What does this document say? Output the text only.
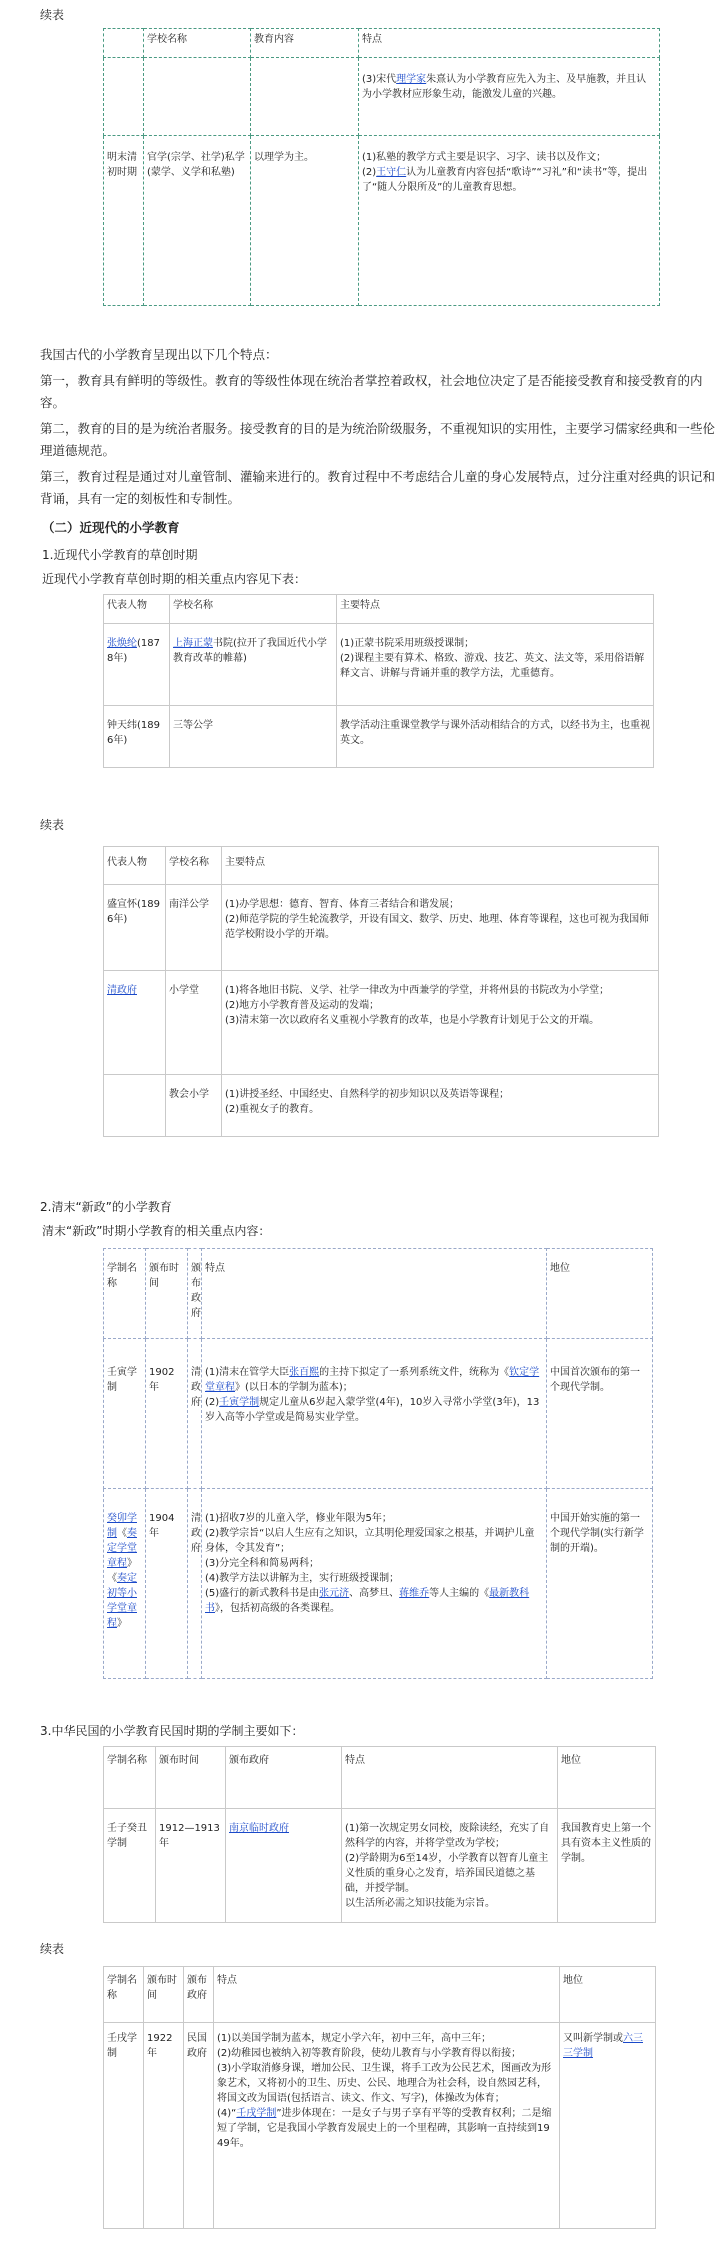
续表
	学校名称	教育内容	特点
			(3)宋代理学家朱熹认为小学教育应先入为主、及早施教，并且认为小学教材应形象生动，能激发儿童的兴趣。
明末清初时期	官学(宗学、社学)私学(蒙学、义学和私塾)	以理学为主。	(1)私塾的教学方式主要是识字、习字、读书以及作文；
(2)王守仁认为儿童教育内容包括“歌诗”“习礼”和“读书”等，提出了“随人分限所及”的儿童教育思想。

我国古代的小学教育呈现出以下几个特点：

第一，教育具有鲜明的等级性。教育的等级性体现在统治者掌控着政权，社会地位决定了是否能接受教育和接受教育的内容。

第二，教育的目的是为统治者服务。接受教育的目的是为统治阶级服务，不重视知识的实用性，主要学习儒家经典和一些伦理道德规范。

第三，教育过程是通过对儿童管制、灌输来进行的。教育过程中不考虑结合儿童的身心发展特点，过分注重对经典的识记和背诵，具有一定的刻板性和专制性。

（二）近现代的小学教育
1.近现代小学教育的草创时期
近现代小学教育草创时期的相关重点内容见下表：
代表人物	学校名称	主要特点
张焕纶(1878年)	上海正蒙书院(拉开了我国近代小学教育改革的帷幕)	(1)正蒙书院采用班级授课制；
(2)课程主要有算术、格致、游戏、技艺、英文、法文等，采用俗语解释文言、讲解与背诵并重的教学方法，尤重德育。

钟天纬(1896年)	三等公学	教学活动注重课堂教学与课外活动相结合的方式，以经书为主，也重视英文。
续表
代表人物	学校名称	主要特点
盛宣怀(1896年)	南洋公学	(1)办学思想：德育、智育、体育三者结合和谐发展；
(2)师范学院的学生轮流教学，开设有国文、数学、历史、地理、体育等课程，这也可视为我国师范学校附设小学的开端。

清政府	小学堂	(1)将各地旧书院、义学、社学一律改为中西兼学的学堂，并将州县的书院改为小学堂；
(2)地方小学教育普及运动的发端；
(3)清末第一次以政府名义重视小学教育的改革，也是小学教育计划见于公文的开端。

	教会小学	(1)讲授圣经、中国经史、自然科学的初步知识以及英语等课程；
(2)重视女子的教育。
2.清末“新政”的小学教育
清末“新政”时期小学教育的相关重点内容：
学制名称	颁布时间	颁布政府	特点	地位
壬寅学制	1902年	清政府	(1)清末在管学大臣张百熙的主持下拟定了一系列系统文件，统称为《钦定学堂章程》(以日本的学制为蓝本)；
(2)壬寅学制规定儿童从6岁起入蒙学堂(4年)，10岁入寻常小学堂(3年)，13岁入高等小学堂或是简易实业学堂。	中国首次颁布的第一个现代学制。
癸卯学制《奏定学堂章程》《奏定初等小学堂章程》	1904年	清政府	(1)招收7岁的儿童入学，修业年限为5年；
(2)教学宗旨“以启人生应有之知识，立其明伦理爱国家之根基，并调护儿童身体，令其发育”；
(3)分完全科和简易两科；
(4)教学方法以讲解为主，实行班级授课制；
(5)盛行的新式教科书是由张元济、高梦旦、蒋维乔等人主编的《最新教科书》，包括初高级的各类课程。	中国开始实施的第一个现代学制(实行新学制的开端)。
3.中华民国的小学教育民国时期的学制主要如下：
学制名称	颁布时间	颁布政府	特点	地位
壬子癸丑学制	1912—1913年	南京临时政府	(1)第一次规定男女同校，废除读经，充实了自然科学的内容，并将学堂改为学校；
(2)学龄期为6至14岁，小学教育以智育儿童主义性质的重身心之发育，培养国民道德之基础，并授学制。
以生活所必需之知识技能为宗旨。	我国教育史上第一个具有资本主义性质的学制。
续表
学制名称	颁布时间	颁布政府	特点	地位
壬戌学制	1922年	民国政府	(1)以美国学制为蓝本，规定小学六年，初中三年，高中三年；
(2)幼稚园也被纳入初等教育阶段，使幼儿教育与小学教育得以衔接；
(3)小学取消修身课，增加公民、卫生课，将手工改为公民艺术，图画改为形象艺术，又将初小的卫生、历史、公民、地理合为社会科，设自然园艺科，将国文改为国语(包括语言、读文、作文、写字)，体操改为体育；
(4)“壬戌学制”进步体现在：一是女子与男子享有平等的受教育权利；二是缩短了学制，它是我国小学教育发展史上的一个里程碑，其影响一直持续到1949年。	又叫新学制或六三三学制
